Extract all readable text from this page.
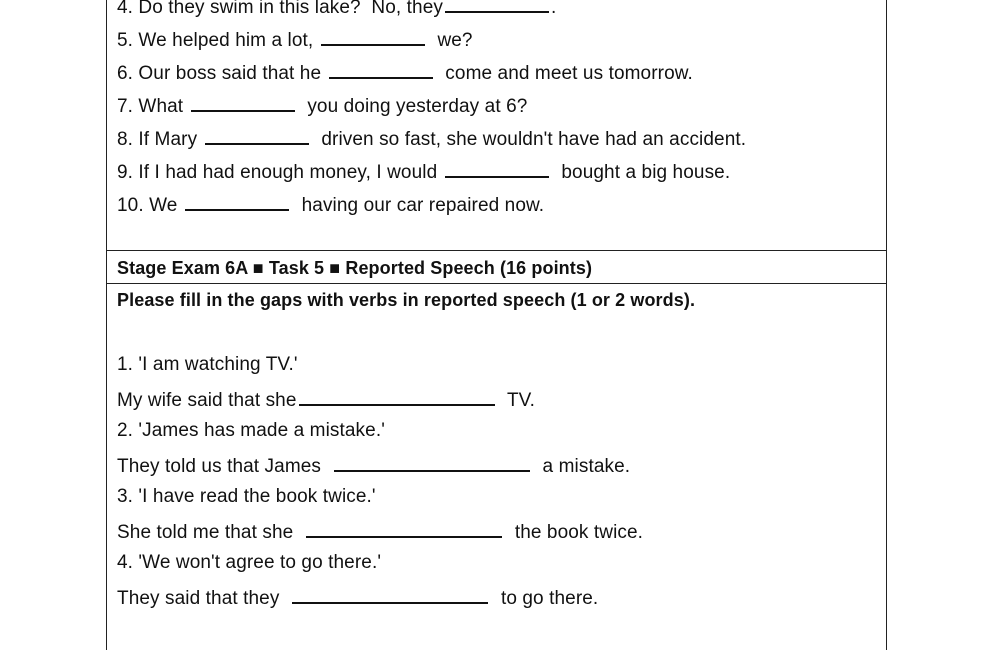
4. Do they swim in this lake?  No, they	.
5. We helped him a lot,	we?
6. Our boss said that he	come and meet us tomorrow.
7. What	you doing yesterday at 6?
8. If Mary	driven so fast, she wouldn't have had an accident.
9. If I had had enough money, I would	bought a big house.
10. We	having our car repaired now.
Stage Exam 6A ■ Task 5 ■ Reported Speech (16 points)
Please fill in the gaps with verbs in reported speech (1 or 2 words).
1. 'I am watching TV.'
My wife said that she	TV.
2. 'James has made a mistake.'
They told us that James	a mistake.
3. 'I have read the book twice.'
She told me that she	the book twice.
4. 'We won't agree to go there.'
They said that they	to go there.
